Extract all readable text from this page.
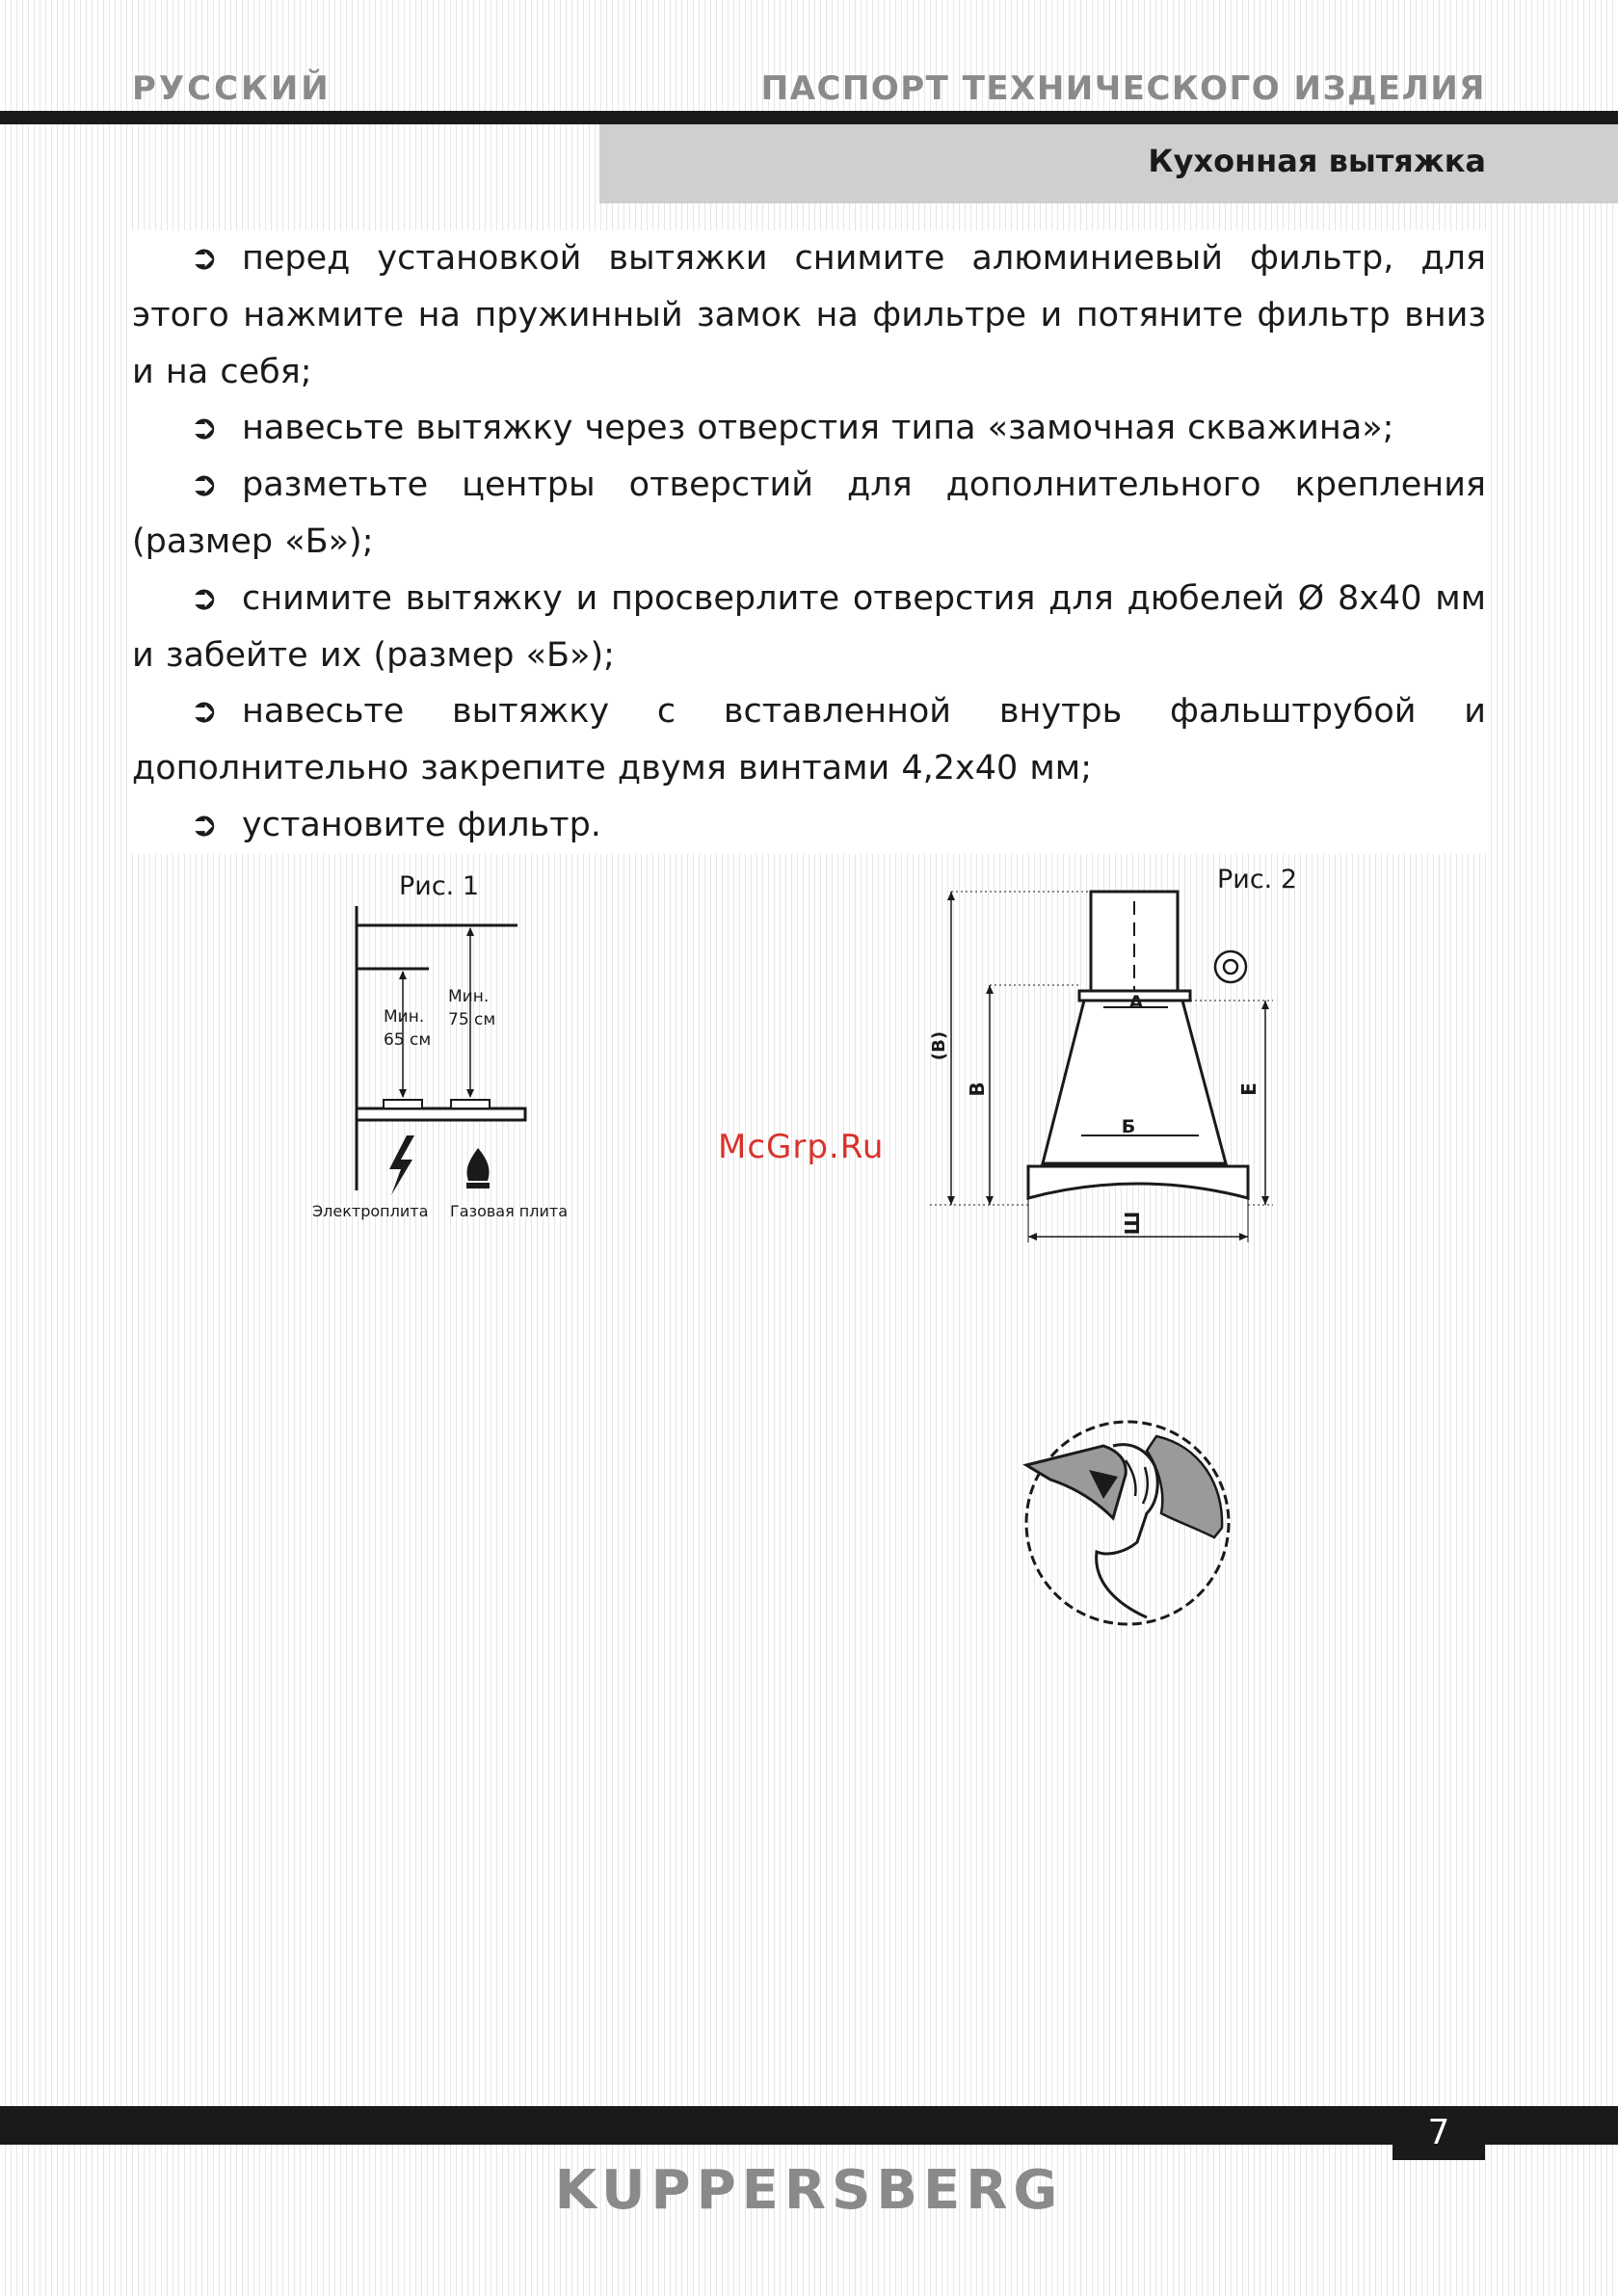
РУССКИЙ	ПАСПОРТ ТЕХНИЧЕСКОГО ИЗДЕЛИЯ
Кухонная вытяжка

➲ перед установкой вытяжки снимите алюминиевый фильтр, для этого нажмите на пружинный замок на фильтре и потяните фильтр вниз и на себя;

➲ навесьте вытяжку через отверстия типа «замочная скважина»;

➲ разметьте центры отверстий для дополнительного крепления (размер «Б»);

➲ снимите вытяжку и просверлите отверстия для дюбелей Ø 8х40 мм и забейте их (размер «Б»);

➲ навесьте вытяжку с вставленной внутрь фальштрубой и дополнительно закрепите двумя винтами 4,2х40 мм;

➲ установите фильтр.

Рис. 1
Мин.
65 см
Мин.
75 см
Электроплита Газовая плита
Рис. 2
A
Б
(B)
B	E
Ш
McGrp.Ru
7
KUPPERSBERG
